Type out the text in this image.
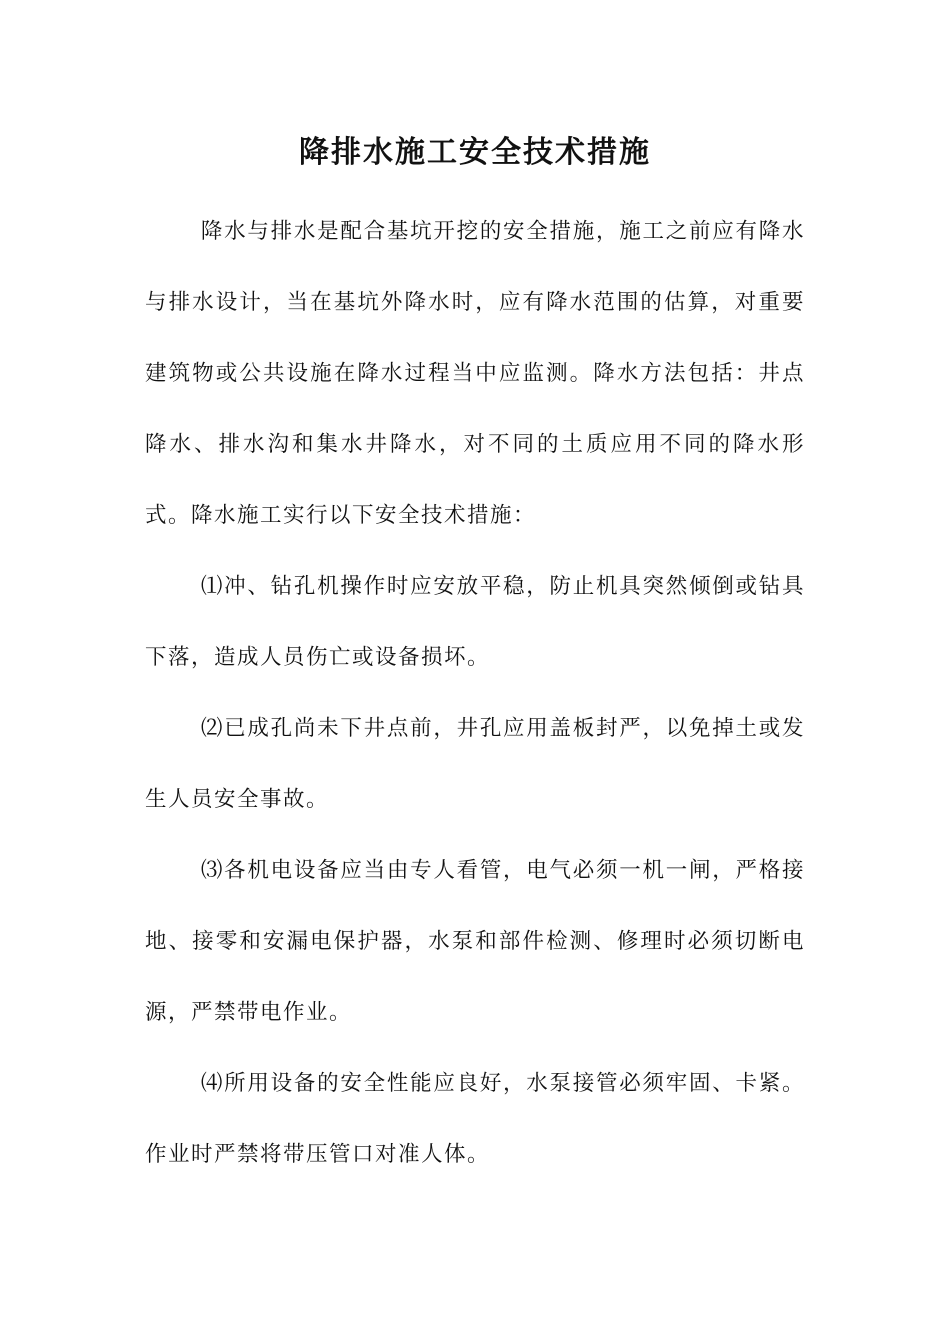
降排水施工安全技术措施

降水与排水是配合基坑开挖的安全措施，施工之前应有降水与排水设计，当在基坑外降水时，应有降水范围的估算，对重要建筑物或公共设施在降水过程当中应监测。降水方法包括：井点降水、排水沟和集水井降水，对不同的土质应用不同的降水形式。降水施工实行以下安全技术措施：

⑴冲、钻孔机操作时应安放平稳，防止机具突然倾倒或钻具下落，造成人员伤亡或设备损坏。

⑵已成孔尚未下井点前，井孔应用盖板封严，以免掉土或发生人员安全事故。

⑶各机电设备应当由专人看管，电气必须一机一闸，严格接地、接零和安漏电保护器，水泵和部件检测、修理时必须切断电源，严禁带电作业。

⑷所用设备的安全性能应良好，水泵接管必须牢固、卡紧。作业时严禁将带压管口对准人体。
